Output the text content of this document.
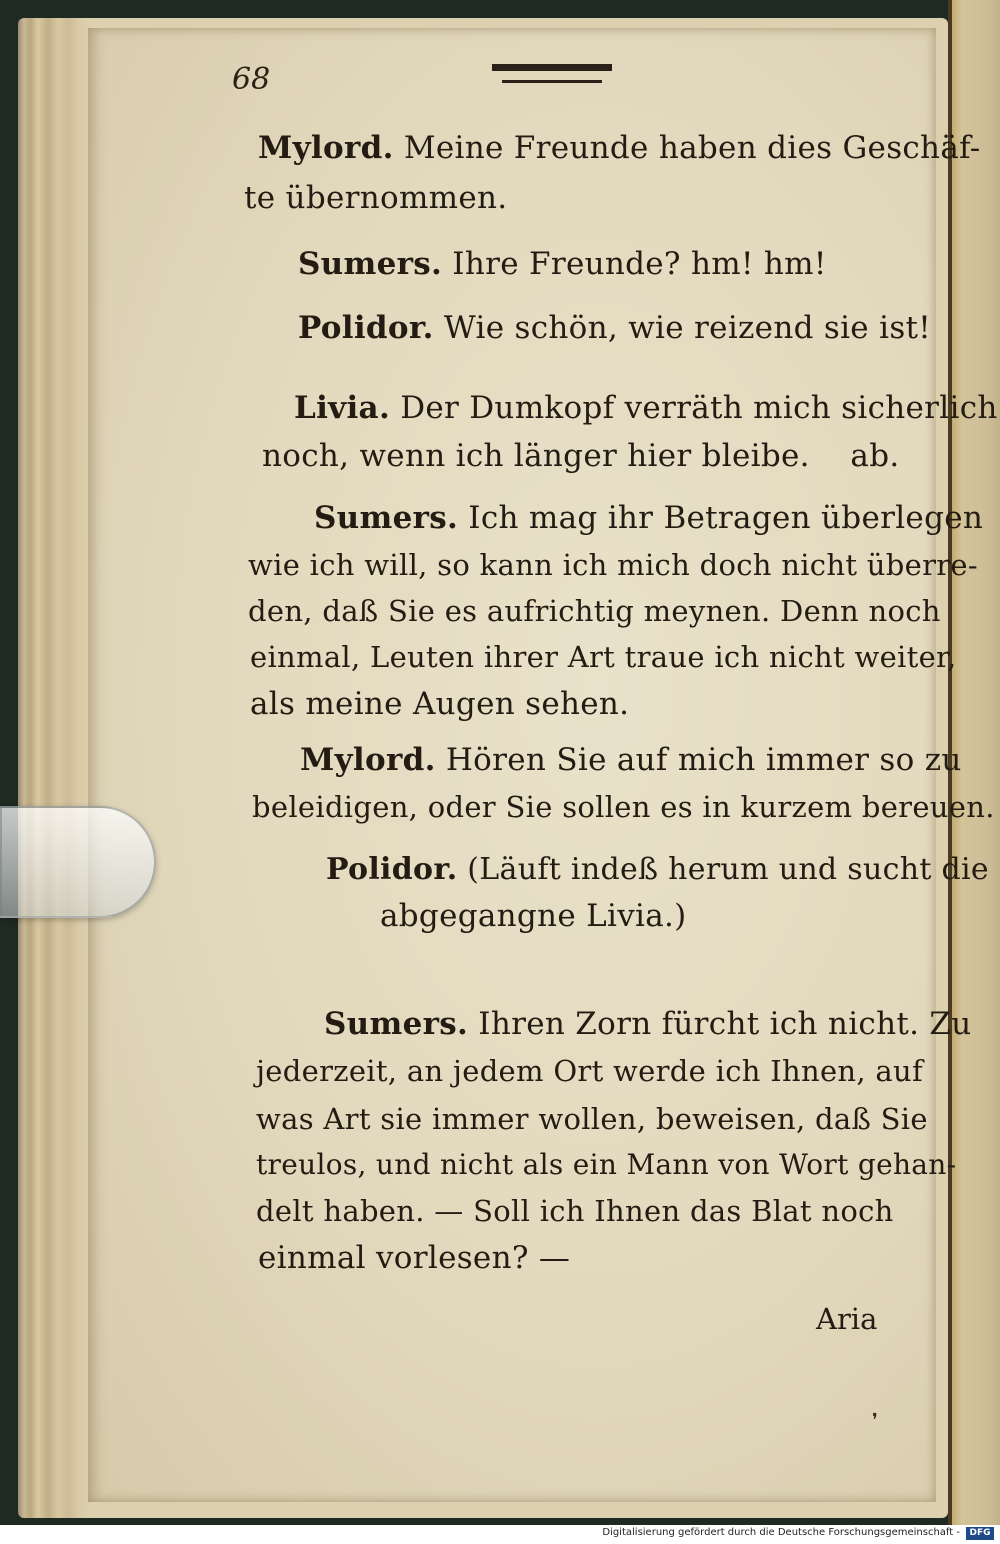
68
Mylord. Meine Freunde haben dies Geschäf-
te übernommen.
Sumers. Ihre Freunde? hm! hm!
Polidor. Wie schön, wie reizend sie ist!
Livia. Der Dumkopf verräth mich sicherlich
noch, wenn ich länger hier bleibe.    ab.
Sumers. Ich mag ihr Betragen überlegen
wie ich will, so kann ich mich doch nicht überre-
den, daß Sie es aufrichtig meynen. Denn noch
einmal, Leuten ihrer Art traue ich nicht weiter,
als meine Augen sehen.
Mylord. Hören Sie auf mich immer so zu
beleidigen, oder Sie sollen es in kurzem bereuen.
Polidor. (Läuft indeß herum und sucht die
abgegangne Livia.)
Sumers. Ihren Zorn fürcht ich nicht. Zu
jederzeit, an jedem Ort werde ich Ihnen, auf
was Art sie immer wollen, beweisen, daß Sie
treulos, und nicht als ein Mann von Wort gehan-
delt haben. — Soll ich Ihnen das Blat noch
einmal vorlesen? —
Aria
❜
Digitalisierung gefördert durch die Deutsche Forschungsgemeinschaft -	DFG
